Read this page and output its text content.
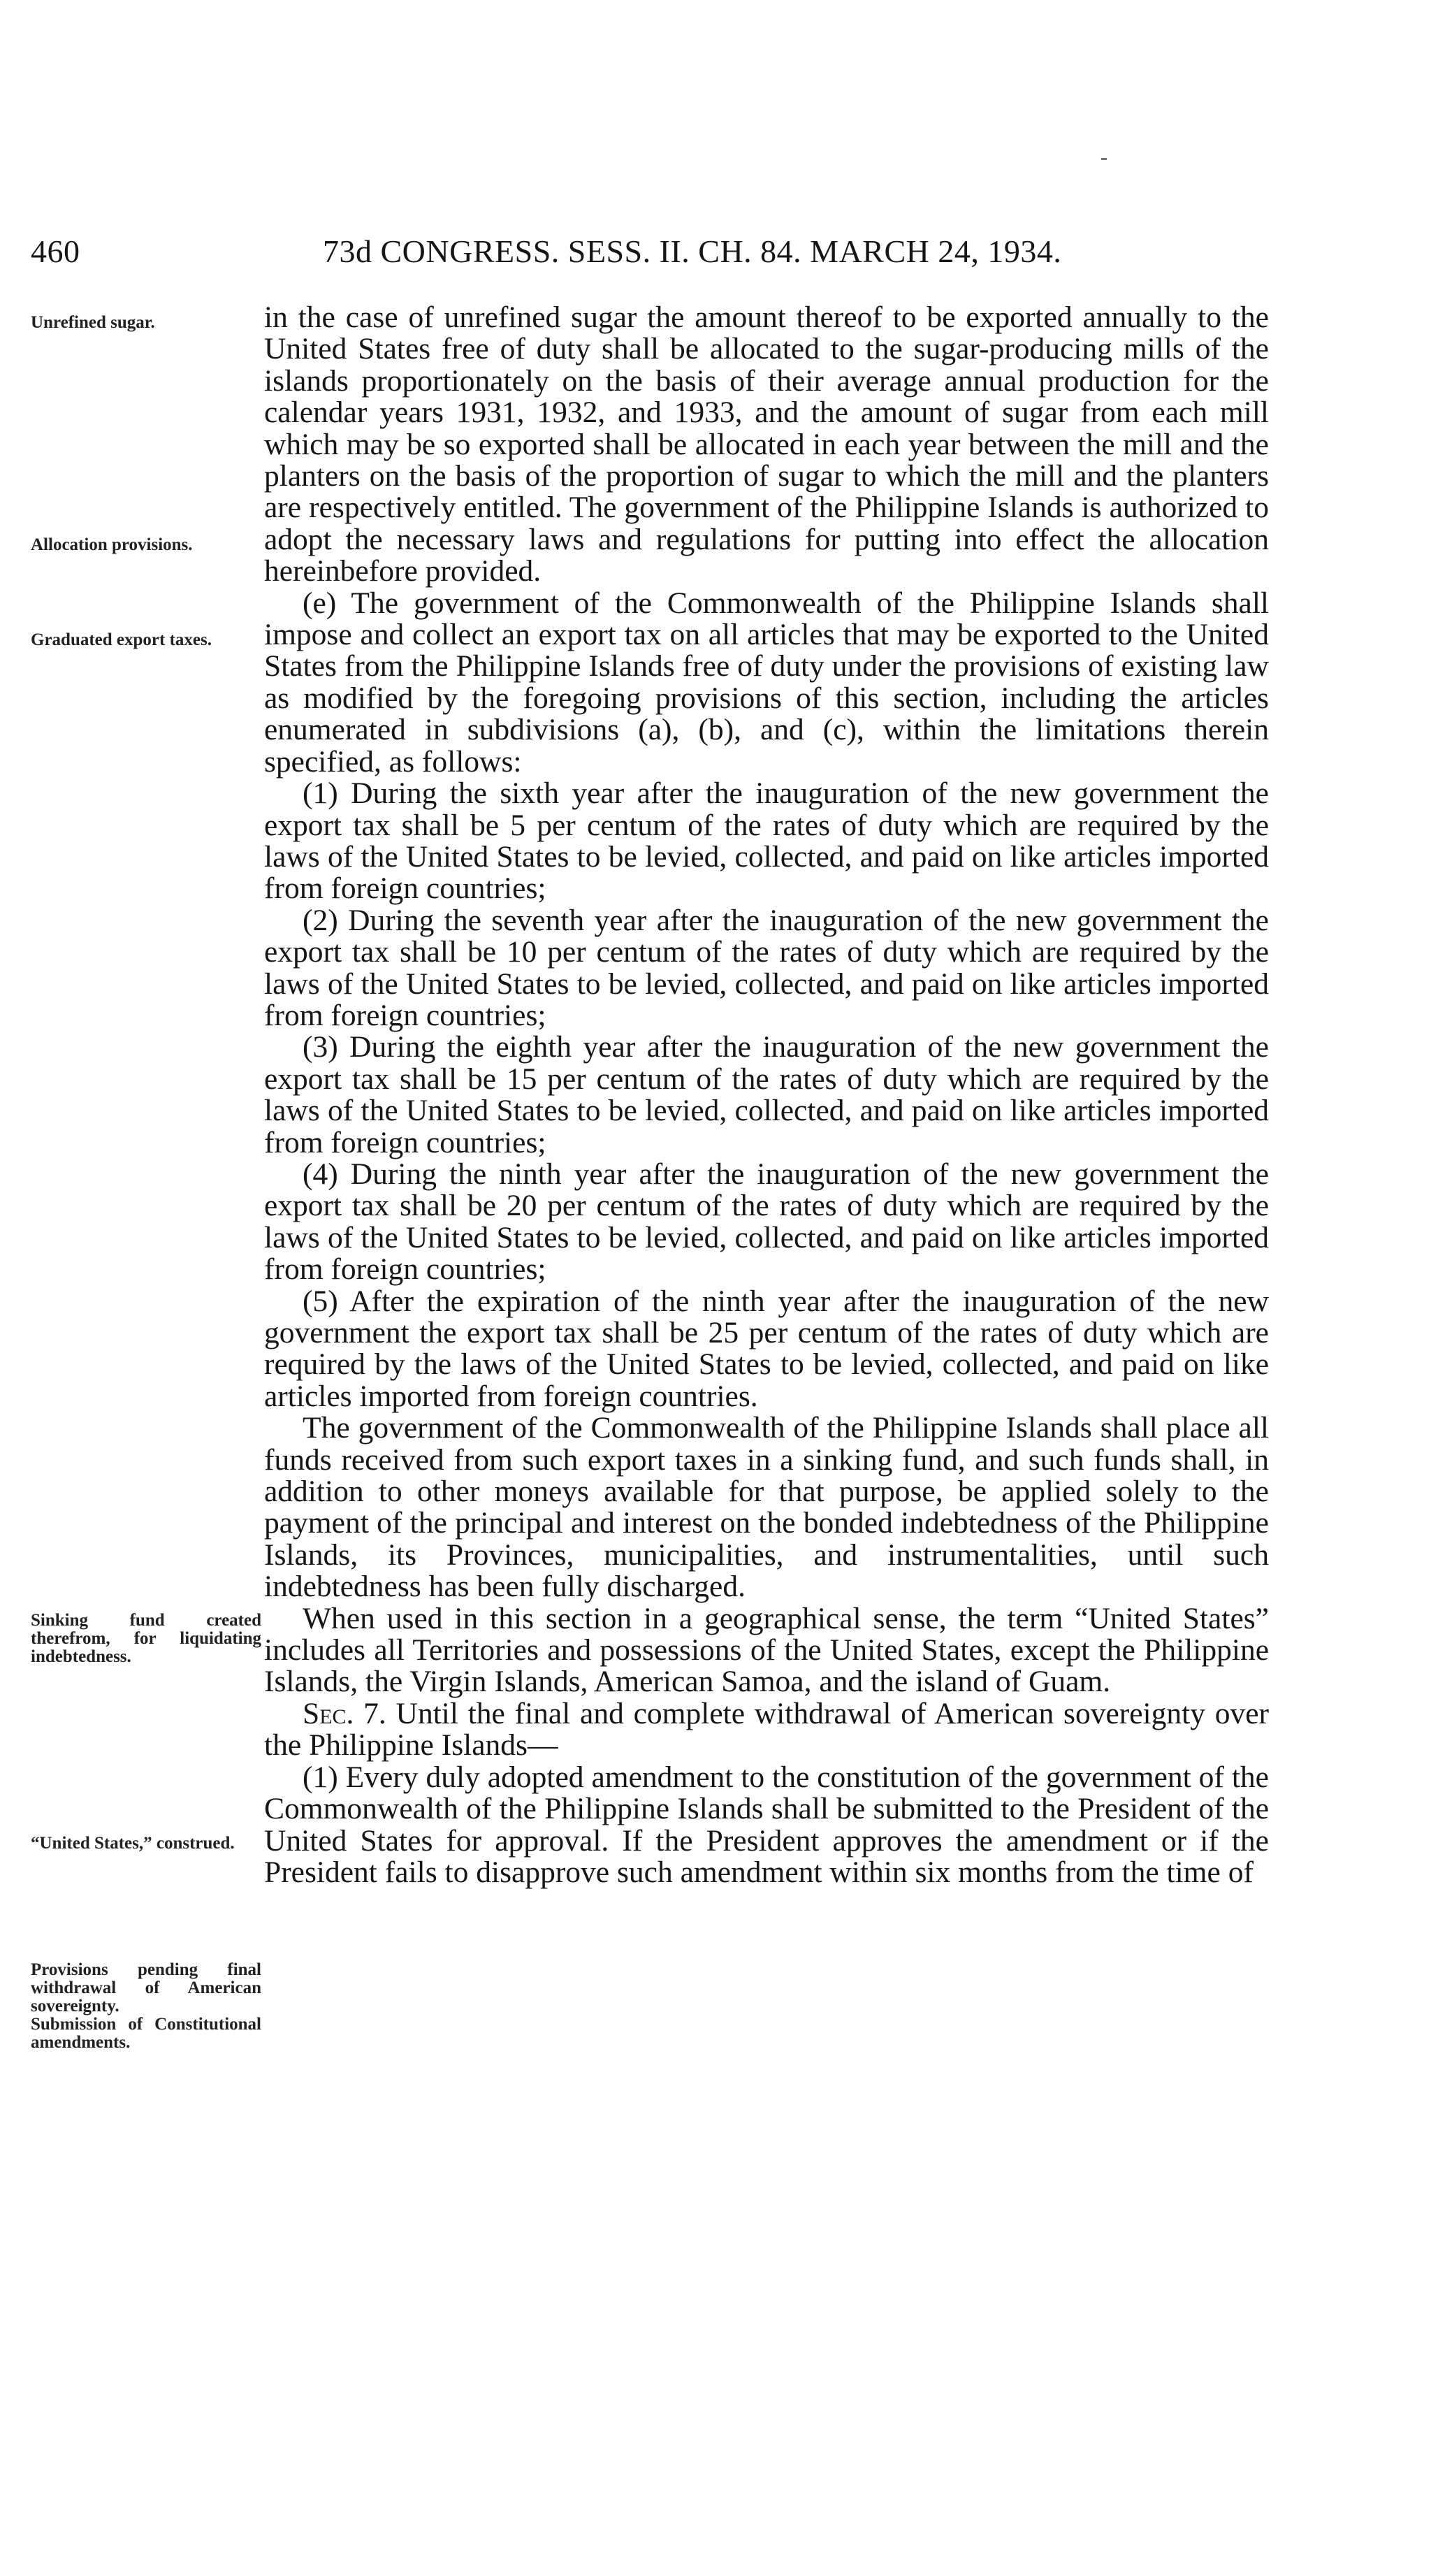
460	73d CONGRESS. SESS. II. CH. 84. MARCH 24, 1934.
Unrefined sugar.
Allocation provisions.
Graduated export taxes.
Sinking fund created therefrom, for liquidating indebtedness.
“United States,” construed.
Provisions pending final withdrawal of American sovereignty.
Submission of Constitutional amendments.

in the case of unrefined sugar the amount thereof to be exported annually to the United States free of duty shall be allocated to the sugar-producing mills of the islands proportionately on the basis of their average annual production for the calendar years 1931, 1932, and 1933, and the amount of sugar from each mill which may be so exported shall be allocated in each year between the mill and the planters on the basis of the proportion of sugar to which the mill and the planters are respectively entitled. The government of the Philippine Islands is authorized to adopt the necessary laws and regulations for putting into effect the allocation hereinbefore provided.

(e) The government of the Commonwealth of the Philippine Islands shall impose and collect an export tax on all articles that may be exported to the United States from the Philippine Islands free of duty under the provisions of existing law as modified by the foregoing provisions of this section, including the articles enumerated in subdivisions (a), (b), and (c), within the limitations therein specified, as follows:

(1) During the sixth year after the inauguration of the new government the export tax shall be 5 per centum of the rates of duty which are required by the laws of the United States to be levied, collected, and paid on like articles imported from foreign countries;

(2) During the seventh year after the inauguration of the new government the export tax shall be 10 per centum of the rates of duty which are required by the laws of the United States to be levied, collected, and paid on like articles imported from foreign countries;

(3) During the eighth year after the inauguration of the new government the export tax shall be 15 per centum of the rates of duty which are required by the laws of the United States to be levied, collected, and paid on like articles imported from foreign countries;

(4) During the ninth year after the inauguration of the new government the export tax shall be 20 per centum of the rates of duty which are required by the laws of the United States to be levied, collected, and paid on like articles imported from foreign countries;

(5) After the expiration of the ninth year after the inauguration of the new government the export tax shall be 25 per centum of the rates of duty which are required by the laws of the United States to be levied, collected, and paid on like articles imported from foreign countries.

The government of the Commonwealth of the Philippine Islands shall place all funds received from such export taxes in a sinking fund, and such funds shall, in addition to other moneys available for that purpose, be applied solely to the payment of the principal and interest on the bonded indebtedness of the Philippine Islands, its Provinces, municipalities, and instrumentalities, until such indebtedness has been fully discharged.

When used in this section in a geographical sense, the term “United States” includes all Territories and possessions of the United States, except the Philippine Islands, the Virgin Islands, American Samoa, and the island of Guam.

Sec. 7. Until the final and complete withdrawal of American sovereignty over the Philippine Islands—

(1) Every duly adopted amendment to the constitution of the government of the Commonwealth of the Philippine Islands shall be submitted to the President of the United States for approval. If the President approves the amendment or if the President fails to disapprove such amendment within six months from the time of
